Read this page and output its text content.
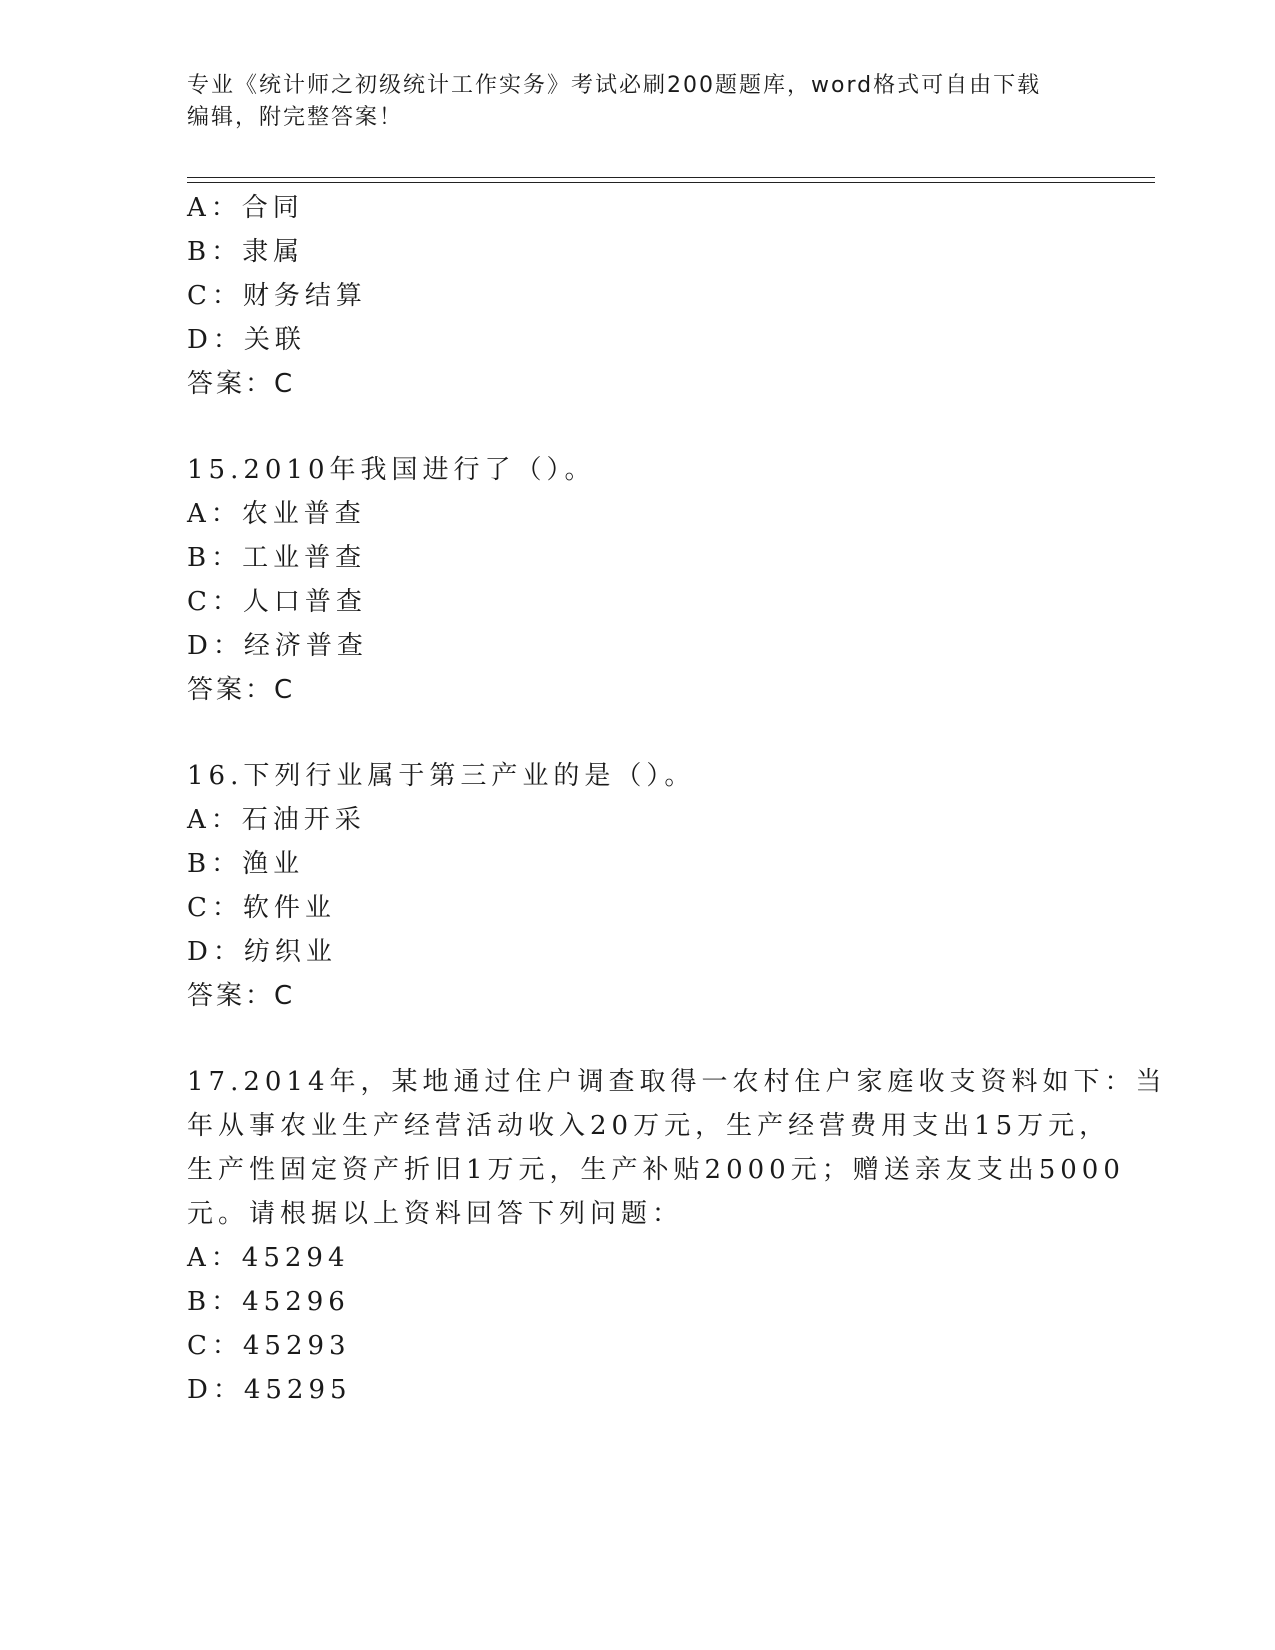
专业《统计师之初级统计工作实务》考试必刷200题题库，word格式可自由下载
编辑，附完整答案！
A：合同
B：隶属
C：财务结算
D：关联
答案：C
15.2010年我国进行了（）。
A：农业普查
B：工业普查
C：人口普查
D：经济普查
答案：C
16.下列行业属于第三产业的是（）。
A：石油开采
B：渔业
C：软件业
D：纺织业
答案：C
17.2014年，某地通过住户调查取得一农村住户家庭收支资料如下：当
年从事农业生产经营活动收入20万元，生产经营费用支出15万元，
生产性固定资产折旧1万元，生产补贴2000元；赠送亲友支出5000
元。请根据以上资料回答下列问题：
A：45294
B：45296
C：45293
D：45295
